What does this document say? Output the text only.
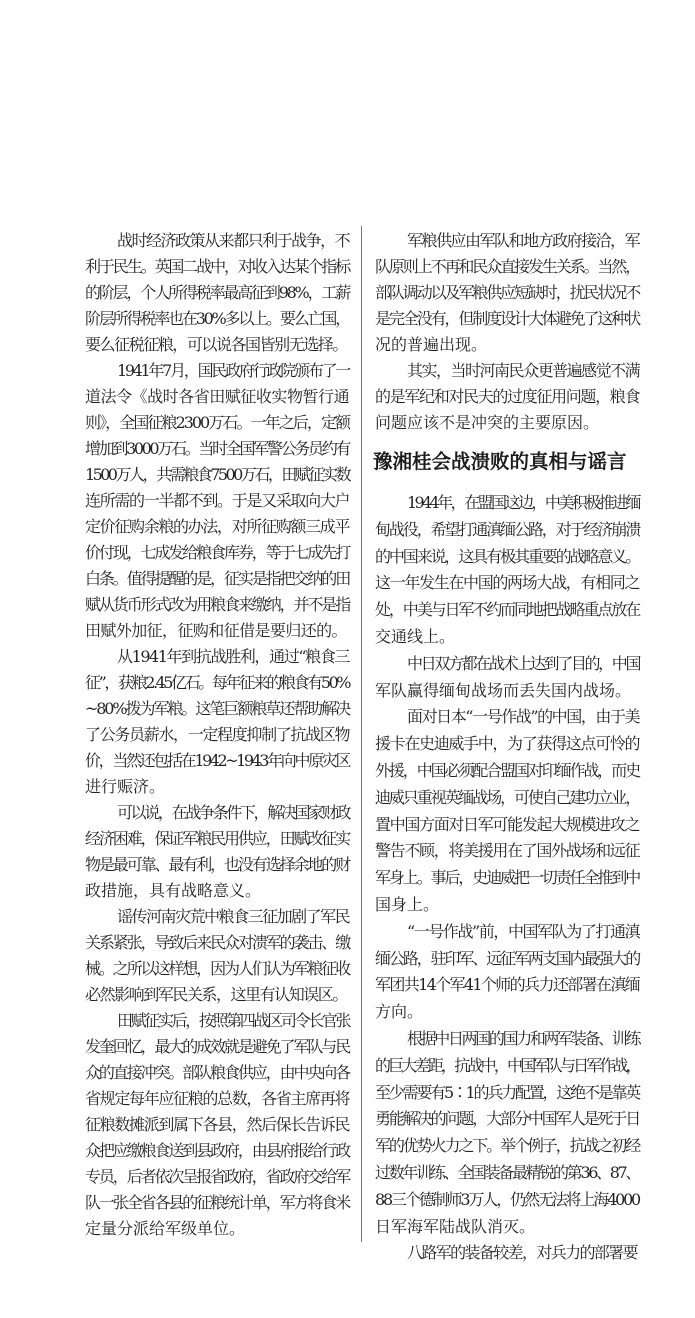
战时经济政策从来都只利于战争，不
利于民生。英国二战中，对收入达某个指标
的阶层，个人所得税率最高征到98%，工薪
阶层所得税率也在30%多以上。要么亡国，
要么征税征粮，可以说各国皆别无选择。
1941年7月，国民政府行政院颁布了一
道法令《战时各省田赋征收实物暂行通
则》，全国征粮2300万石。一年之后，定额
增加到3000万石。当时全国军警公务员约有
1500万人，共需粮食7500万石，田赋征实数
连所需的一半都不到。于是又采取向大户
定价征购余粮的办法，对所征购额三成平
价付现，七成发给粮食库券，等于七成先打
白条。值得提醒的是，征实是指把交纳的田
赋从货币形式改为用粮食来缴纳，并不是指
田赋外加征，征购和征借是要归还的。
从1941年到抗战胜利，通过“粮食三
征”，获粮2.45亿石。每年征来的粮食有50%
~80%拨为军粮。这笔巨额粮草还帮助解决
了公务员薪水，一定程度抑制了抗战区物
价，当然还包括在1942~1943年向中原灾区
进行赈济。
可以说，在战争条件下，解决国家财政
经济困难，保证军粮民用供应，田赋改征实
物是最可靠、最有利，也没有选择余地的财
政措施，具有战略意义。
谣传河南灾荒中粮食三征加剧了军民
关系紧张，导致后来民众对溃军的袭击、缴
械。之所以这样想，因为人们认为军粮征收
必然影响到军民关系，这里有认知误区。
田赋征实后，按照第四战区司令长官张
发奎回忆，最大的成效就是避免了军队与民
众的直接冲突。部队粮食供应，由中央向各
省规定每年应征粮的总数，各省主席再将
征粮数摊派到属下各县，然后保长告诉民
众把应缴粮食送到县政府，由县府报给行政
专员，后者依次呈报省政府，省政府交给军
队一张全省各县的征粮统计单，军方将食米
定量分派给军级单位。
军粮供应由军队和地方政府接洽，军
队原则上不再和民众直接发生关系。当然，
部队调动以及军粮供应短缺时，扰民状况不
是完全没有，但制度设计大体避免了这种状
况的普遍出现。
其实，当时河南民众更普遍感觉不满
的是军纪和对民夫的过度征用问题，粮食
问题应该不是冲突的主要原因。
豫湘桂会战溃败的真相与谣言
1944年，在盟国这边，中美积极推进缅
甸战役，希望打通滇缅公路，对于经济崩溃
的中国来说，这具有极其重要的战略意义。
这一年发生在中国的两场大战，有相同之
处，中美与日军不约而同地把战略重点放在
交通线上。
中日双方都在战术上达到了目的，中国
军队赢得缅甸战场而丢失国内战场。
面对日本“一号作战”的中国，由于美
援卡在史迪威手中，为了获得这点可怜的
外援，中国必须配合盟国对印缅作战，而史
迪威只重视英缅战场，可使自己建功立业，
置中国方面对日军可能发起大规模进攻之
警告不顾，将美援用在了国外战场和远征
军身上。事后，史迪威把一切责任全推到中
国身上。
“一号作战”前，中国军队为了打通滇
缅公路，驻印军、远征军两支国内最强大的
军团共14个军41个师的兵力还部署在滇缅
方向。
根据中日两国的国力和两军装备、训练
的巨大差距，抗战中，中国军队与日军作战，
至少需要有5∶1的兵力配置，这绝不是靠英
勇能解决的问题，大部分中国军人是死于日
军的优势火力之下。举个例子，抗战之初经
过数年训练、全国装备最精锐的第36、87、
88三个德制师3万人，仍然无法将上海4000
日军海军陆战队消灭。
八路军的装备较差，对兵力的部署要
